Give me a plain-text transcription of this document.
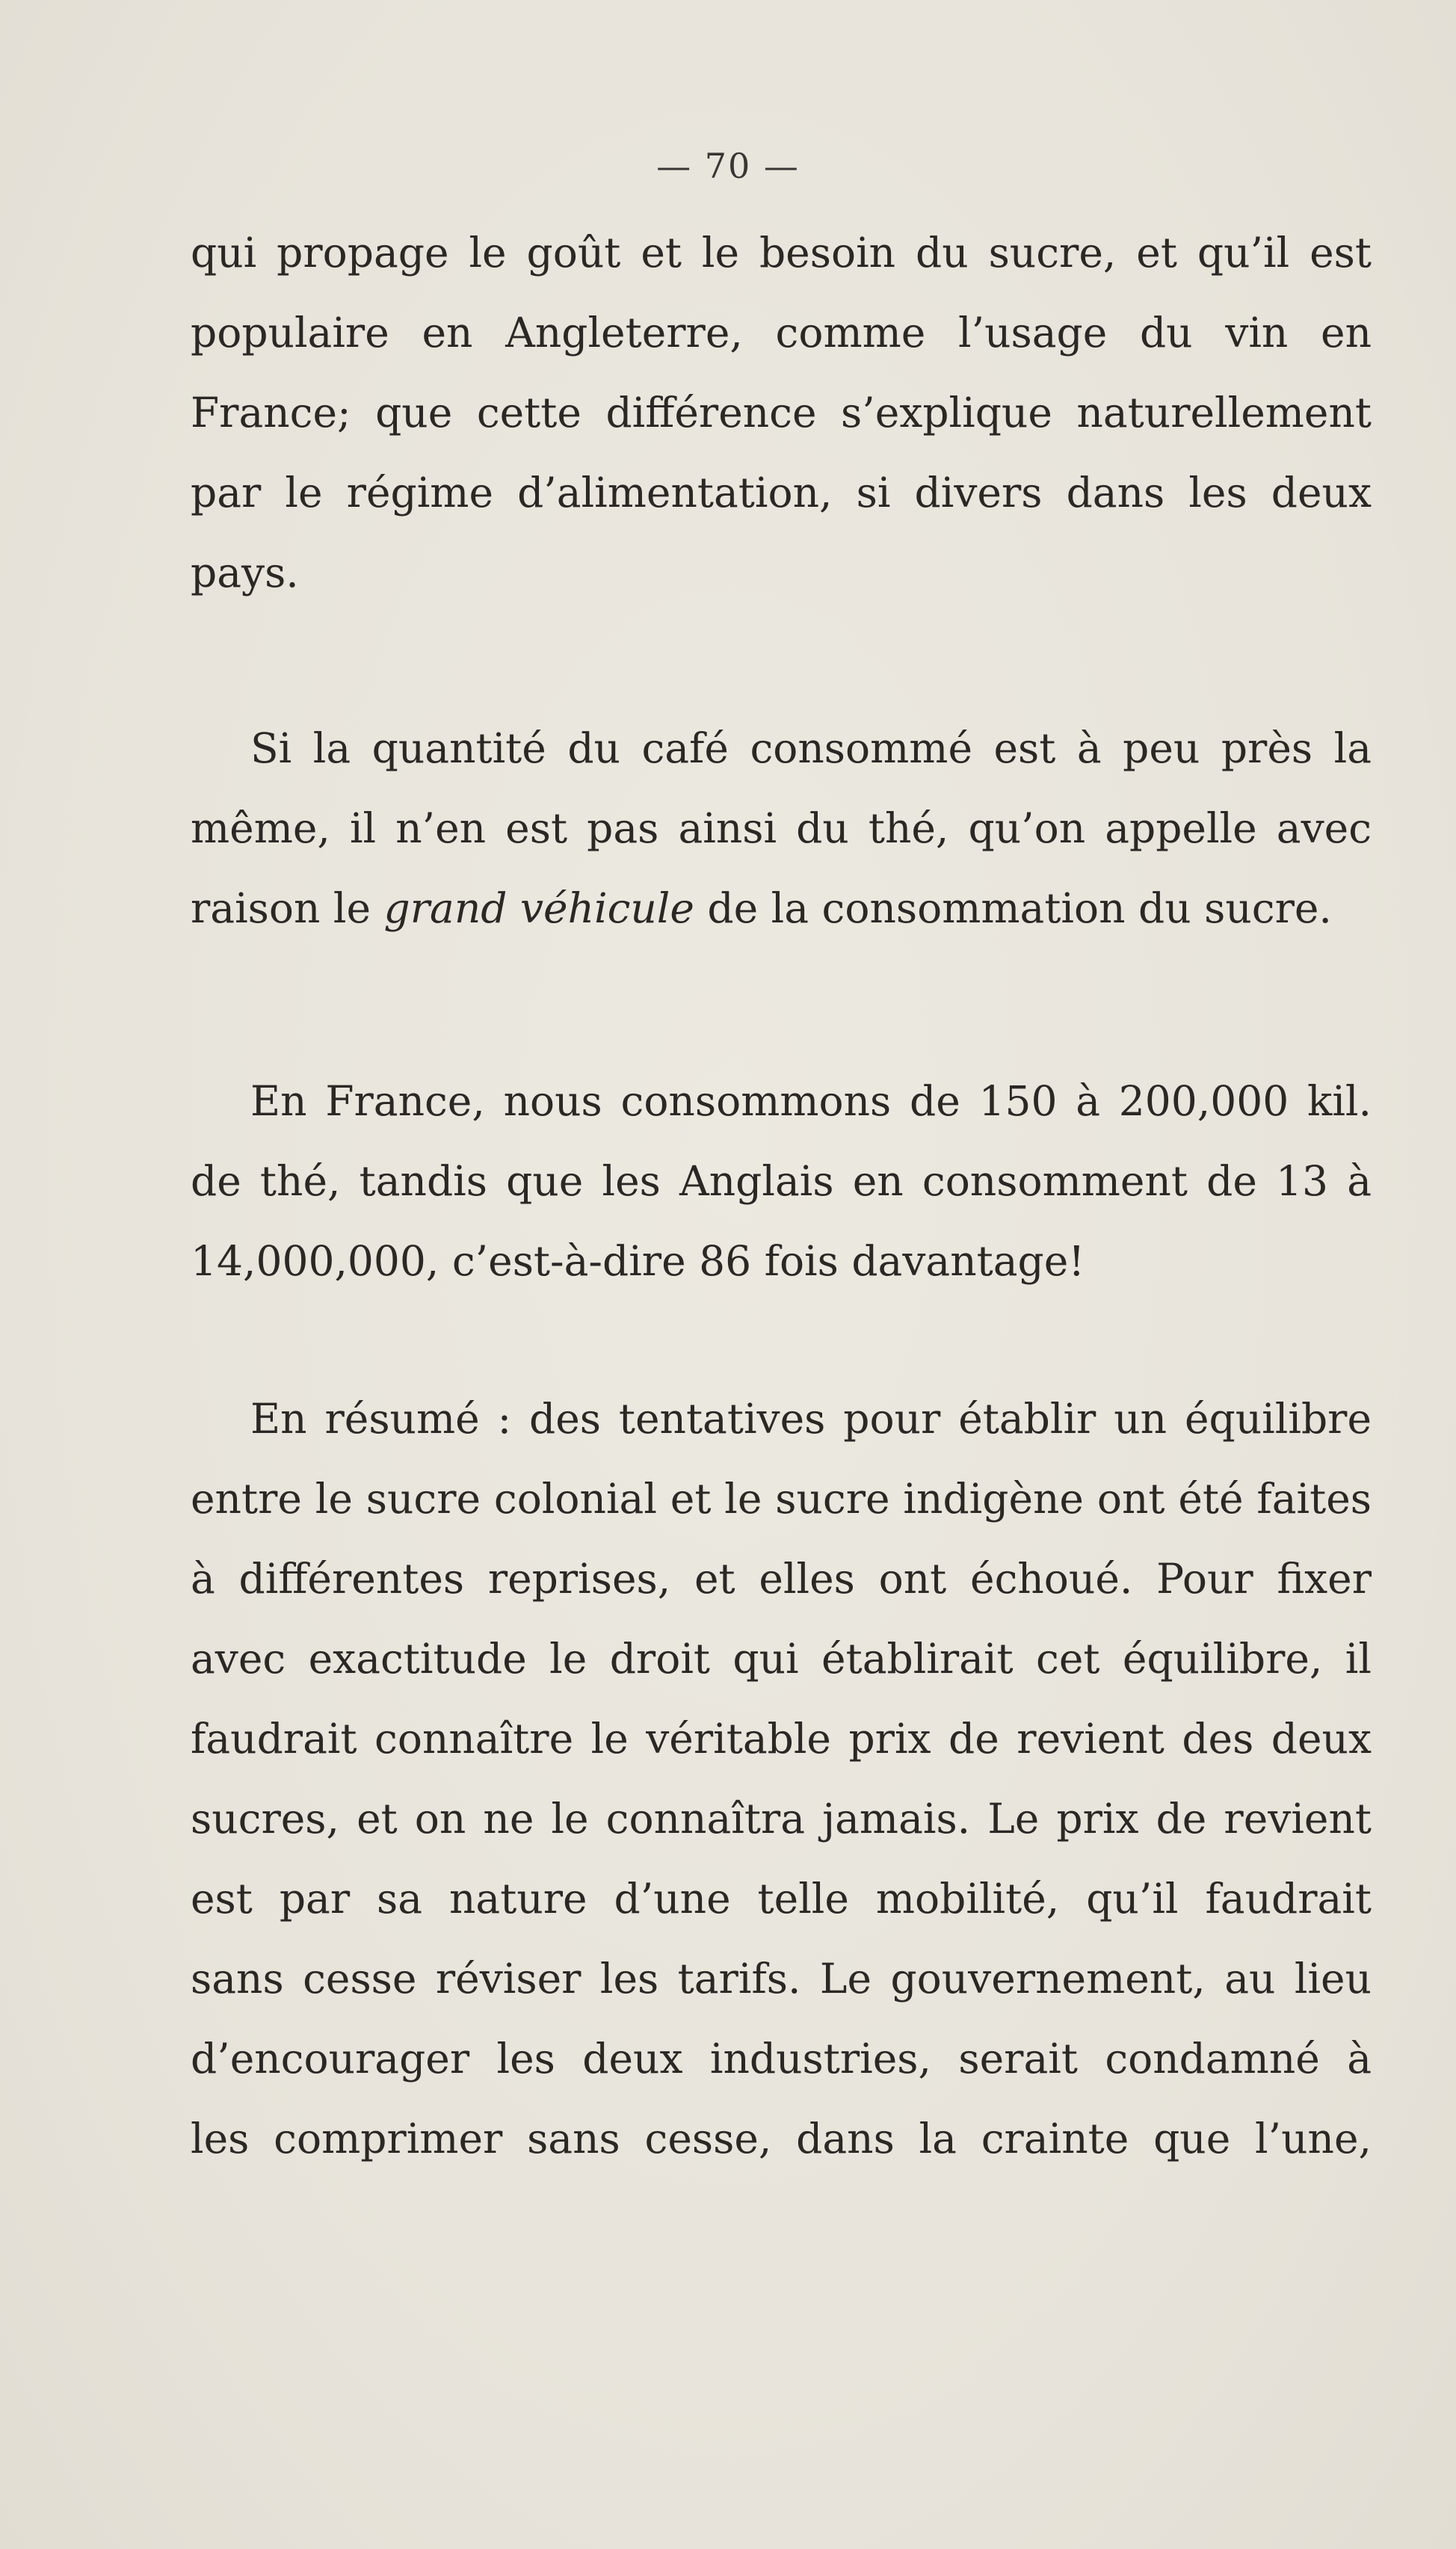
— 70 —
qui propage le goût et le besoin du sucre, et qu’il est
populaire en Angleterre, comme l’usage du vin en
France; que cette différence s’explique naturellement
par le régime d’alimentation, si divers dans les deux
pays.
Si la quantité du café consommé est à peu près la
même, il n’en est pas ainsi du thé, qu’on appelle avec
raison le grand véhicule de la consommation du sucre.
En France, nous consommons de 150 à 200,000 kil.
de thé, tandis que les Anglais en consomment de 13 à
14,000,000, c’est-à-dire 86 fois davantage!
En résumé : des tentatives pour établir un équilibre
entre le sucre colonial et le sucre indigène ont été faites
à différentes reprises, et elles ont échoué. Pour fixer
avec exactitude le droit qui établirait cet équilibre, il
faudrait connaître le véritable prix de revient des deux
sucres, et on ne le connaîtra jamais. Le prix de revient
est par sa nature d’une telle mobilité, qu’il faudrait
sans cesse réviser les tarifs. Le gouvernement, au lieu
d’encourager les deux industries, serait condamné à
les comprimer sans cesse, dans la crainte que l’une,
